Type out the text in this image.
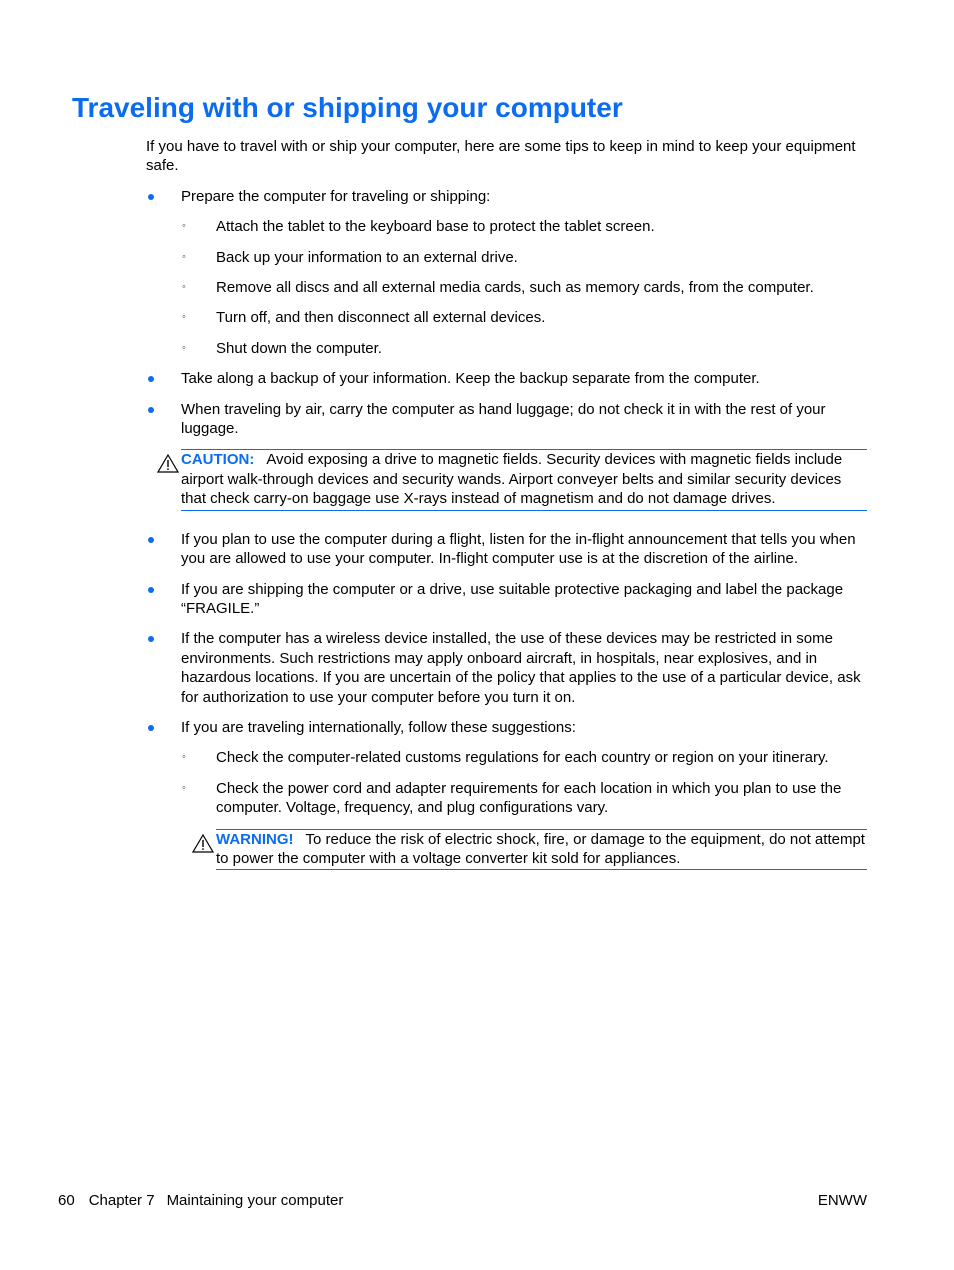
Traveling with or shipping your computer

If you have to travel with or ship your computer, here are some tips to keep in mind to keep your equipment safe.

Prepare the computer for traveling or shipping:

◦ Attach the tablet to the keyboard base to protect the tablet screen.
◦ Back up your information to an external drive.
◦ Remove all discs and all external media cards, such as memory cards, from the computer.
◦ Turn off, and then disconnect all external devices.
◦ Shut down the computer.

Take along a backup of your information. Keep the backup separate from the computer.

When traveling by air, carry the computer as hand luggage; do not check it in with the rest of your luggage.

CAUTION: Avoid exposing a drive to magnetic fields. Security devices with magnetic fields include airport walk-through devices and security wands. Airport conveyer belts and similar security devices that check carry-on baggage use X-rays instead of magnetism and do not damage drives.

If you plan to use the computer during a flight, listen for the in-flight announcement that tells you when you are allowed to use your computer. In-flight computer use is at the discretion of the airline.

If you are shipping the computer or a drive, use suitable protective packaging and label the package “FRAGILE.”

If the computer has a wireless device installed, the use of these devices may be restricted in some environments. Such restrictions may apply onboard aircraft, in hospitals, near explosives, and in hazardous locations. If you are uncertain of the policy that applies to the use of a particular device, ask for authorization to use your computer before you turn it on.

If you are traveling internationally, follow these suggestions:

◦ Check the computer-related customs regulations for each country or region on your itinerary.
◦ Check the power cord and adapter requirements for each location in which you plan to use the computer. Voltage, frequency, and plug configurations vary.
WARNING! To reduce the risk of electric shock, fire, or damage to the equipment, do not attempt to power the computer with a voltage converter kit sold for appliances.
60 Chapter 7 Maintaining your computer	ENWW
